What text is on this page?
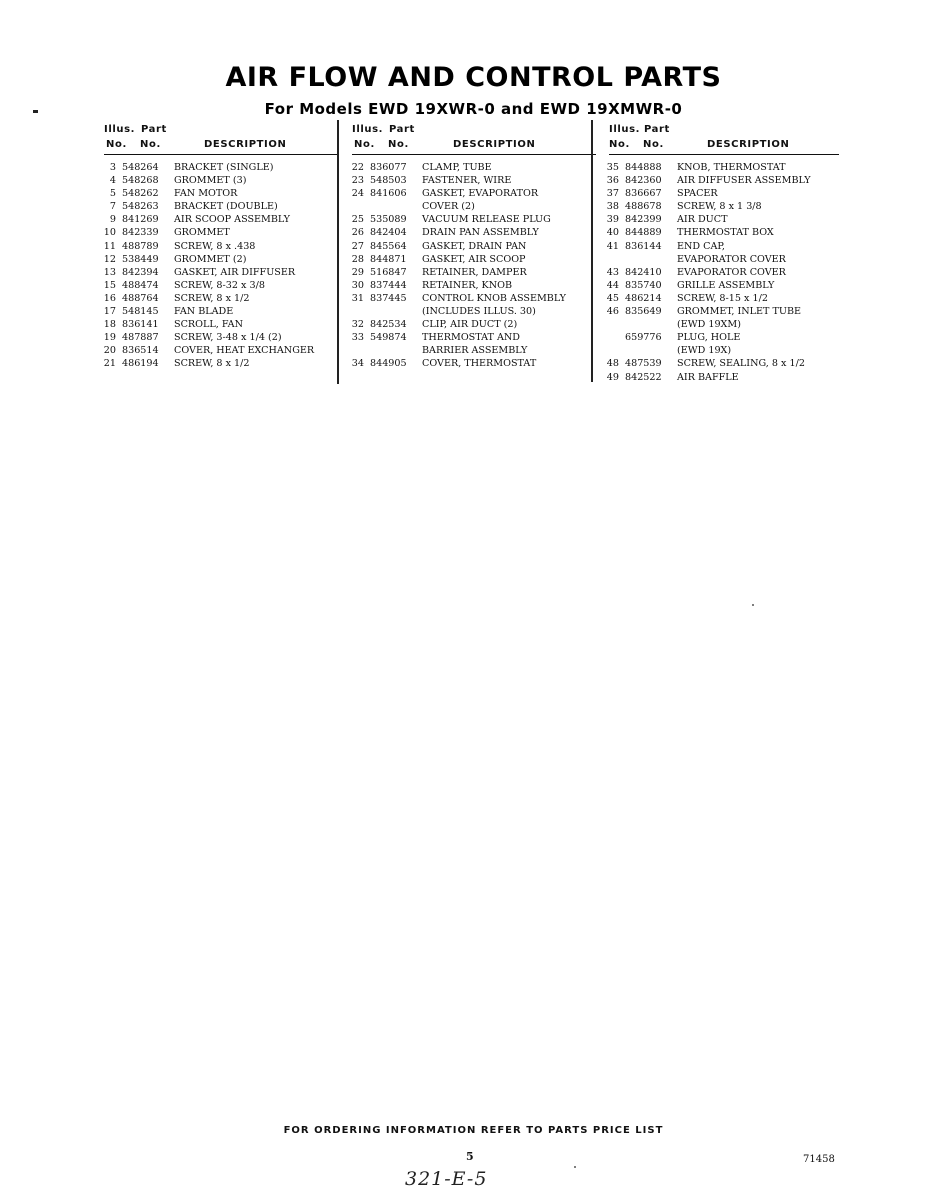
AIR FLOW AND CONTROL PARTS
For Models EWD 19XWR-0 and EWD 19XMWR-0
Illus. Part
No. No.	DESCRIPTION
3 548264 BRACKET (SINGLE)
4 548268 GROMMET (3)
5 548262 FAN MOTOR
7 548263 BRACKET (DOUBLE)
9 841269 AIR SCOOP ASSEMBLY
10 842339 GROMMET
11 488789 SCREW, 8 x .438
12 538449 GROMMET (2)
13 842394 GASKET, AIR DIFFUSER
15 488474 SCREW, 8-32 x 3/8
16 488764 SCREW, 8 x 1/2
17 548145 FAN BLADE
18 836141 SCROLL, FAN
19 487887 SCREW, 3-48 x 1/4 (2)
20 836514 COVER, HEAT EXCHANGER
21 486194 SCREW, 8 x 1/2
Illus. Part
No. No.	DESCRIPTION
22 836077 CLAMP, TUBE
23 548503 FASTENER, WIRE
24 841606 GASKET, EVAPORATOR
COVER (2)
25 535089 VACUUM RELEASE PLUG
26 842404 DRAIN PAN ASSEMBLY
27 845564 GASKET, DRAIN PAN
28 844871 GASKET, AIR SCOOP
29 516847 RETAINER, DAMPER
30 837444 RETAINER, KNOB
31 837445 CONTROL KNOB ASSEMBLY
(INCLUDES ILLUS. 30)
32 842534 CLIP, AIR DUCT (2)
33 549874 THERMOSTAT AND
BARRIER ASSEMBLY
34 844905 COVER, THERMOSTAT
Illus. Part
No. No.	DESCRIPTION
35 844888 KNOB, THERMOSTAT
36 842360 AIR DIFFUSER ASSEMBLY
37 836667 SPACER
38 488678 SCREW, 8 x 1 3/8
39 842399 AIR DUCT
40 844889 THERMOSTAT BOX
41 836144 END CAP,
EVAPORATOR COVER
43 842410 EVAPORATOR COVER
44 835740 GRILLE ASSEMBLY
45 486214 SCREW, 8-15 x 1/2
46 835649 GROMMET, INLET TUBE
(EWD 19XM)
659776 PLUG, HOLE
(EWD 19X)
48 487539 SCREW, SEALING, 8 x 1/2
49 842522 AIR BAFFLE
FOR ORDERING INFORMATION REFER TO PARTS PRICE LIST
5	71458
321-E-5
